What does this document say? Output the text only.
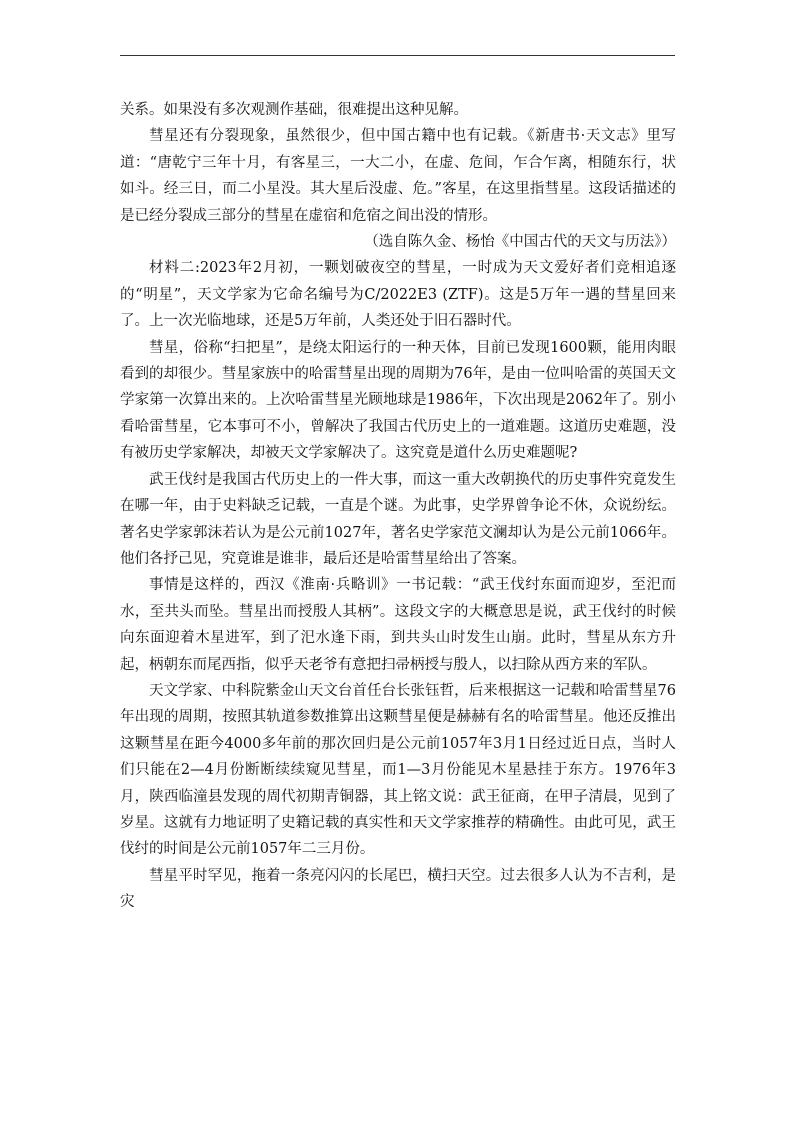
关系。如果没有多次观测作基础，很难提出这种见解。

彗星还有分裂现象，虽然很少，但中国古籍中也有记载。《新唐书·天文志》里写道：“唐乾宁三年十月，有客星三，一大二小，在虚、危间，乍合乍离，相随东行，状如斗。经三日，而二小星没。其大星后没虚、危。”客星，在这里指彗星。这段话描述的是已经分裂成三部分的彗星在虚宿和危宿之间出没的情形。

（选自陈久金、杨怡《中国古代的天文与历法》）

材料二:2023年2月初，一颗划破夜空的彗星，一时成为天文爱好者们竞相追逐的“明星”，天文学家为它命名编号为C/2022E3 (ZTF)。这是5万年一遇的彗星回来了。上一次光临地球，还是5万年前，人类还处于旧石器时代。

彗星，俗称“扫把星”，是绕太阳运行的一种天体，目前已发现1600颗，能用肉眼看到的却很少。彗星家族中的哈雷彗星出现的周期为76年，是由一位叫哈雷的英国天文学家第一次算出来的。上次哈雷彗星光顾地球是1986年，下次出现是2062年了。别小看哈雷彗星，它本事可不小，曾解决了我国古代历史上的一道难题。这道历史难题，没有被历史学家解决，却被天文学家解决了。这究竟是道什么历史难题呢?

武王伐纣是我国古代历史上的一件大事，而这一重大改朝换代的历史事件究竟发生在哪一年，由于史料缺乏记载，一直是个谜。为此事，史学界曾争论不休，众说纷纭。著名史学家郭沫若认为是公元前1027年，著名史学家范文澜却认为是公元前1066年。他们各抒己见，究竟谁是谁非，最后还是哈雷彗星给出了答案。

事情是这样的，西汉《淮南·兵略训》一书记载：“武王伐纣东面而迎岁，至汜而水，至共头而坠。彗星出而授殷人其柄”。这段文字的大概意思是说，武王伐纣的时候向东面迎着木星进军，到了汜水逢下雨，到共头山时发生山崩。此时，彗星从东方升起，柄朝东而尾西指，似乎天老爷有意把扫帚柄授与殷人，以扫除从西方来的军队。

天文学家、中科院紫金山天文台首任台长张钰哲，后来根据这一记载和哈雷彗星76年出现的周期，按照其轨道参数推算出这颗彗星便是赫赫有名的哈雷彗星。他还反推出这颗彗星在距今4000多年前的那次回归是公元前1057年3月1日经过近日点，当时人们只能在2—4月份断断续续窥见彗星，而1—3月份能见木星悬挂于东方。1976年3月，陕西临潼县发现的周代初期青铜器，其上铭文说：武王征商，在甲子清晨，见到了岁星。这就有力地证明了史籍记载的真实性和天文学家推荐的精确性。由此可见，武王伐纣的时间是公元前1057年二三月份。

彗星平时罕见，拖着一条亮闪闪的长尾巴，横扫天空。过去很多人认为不吉利，是灾
